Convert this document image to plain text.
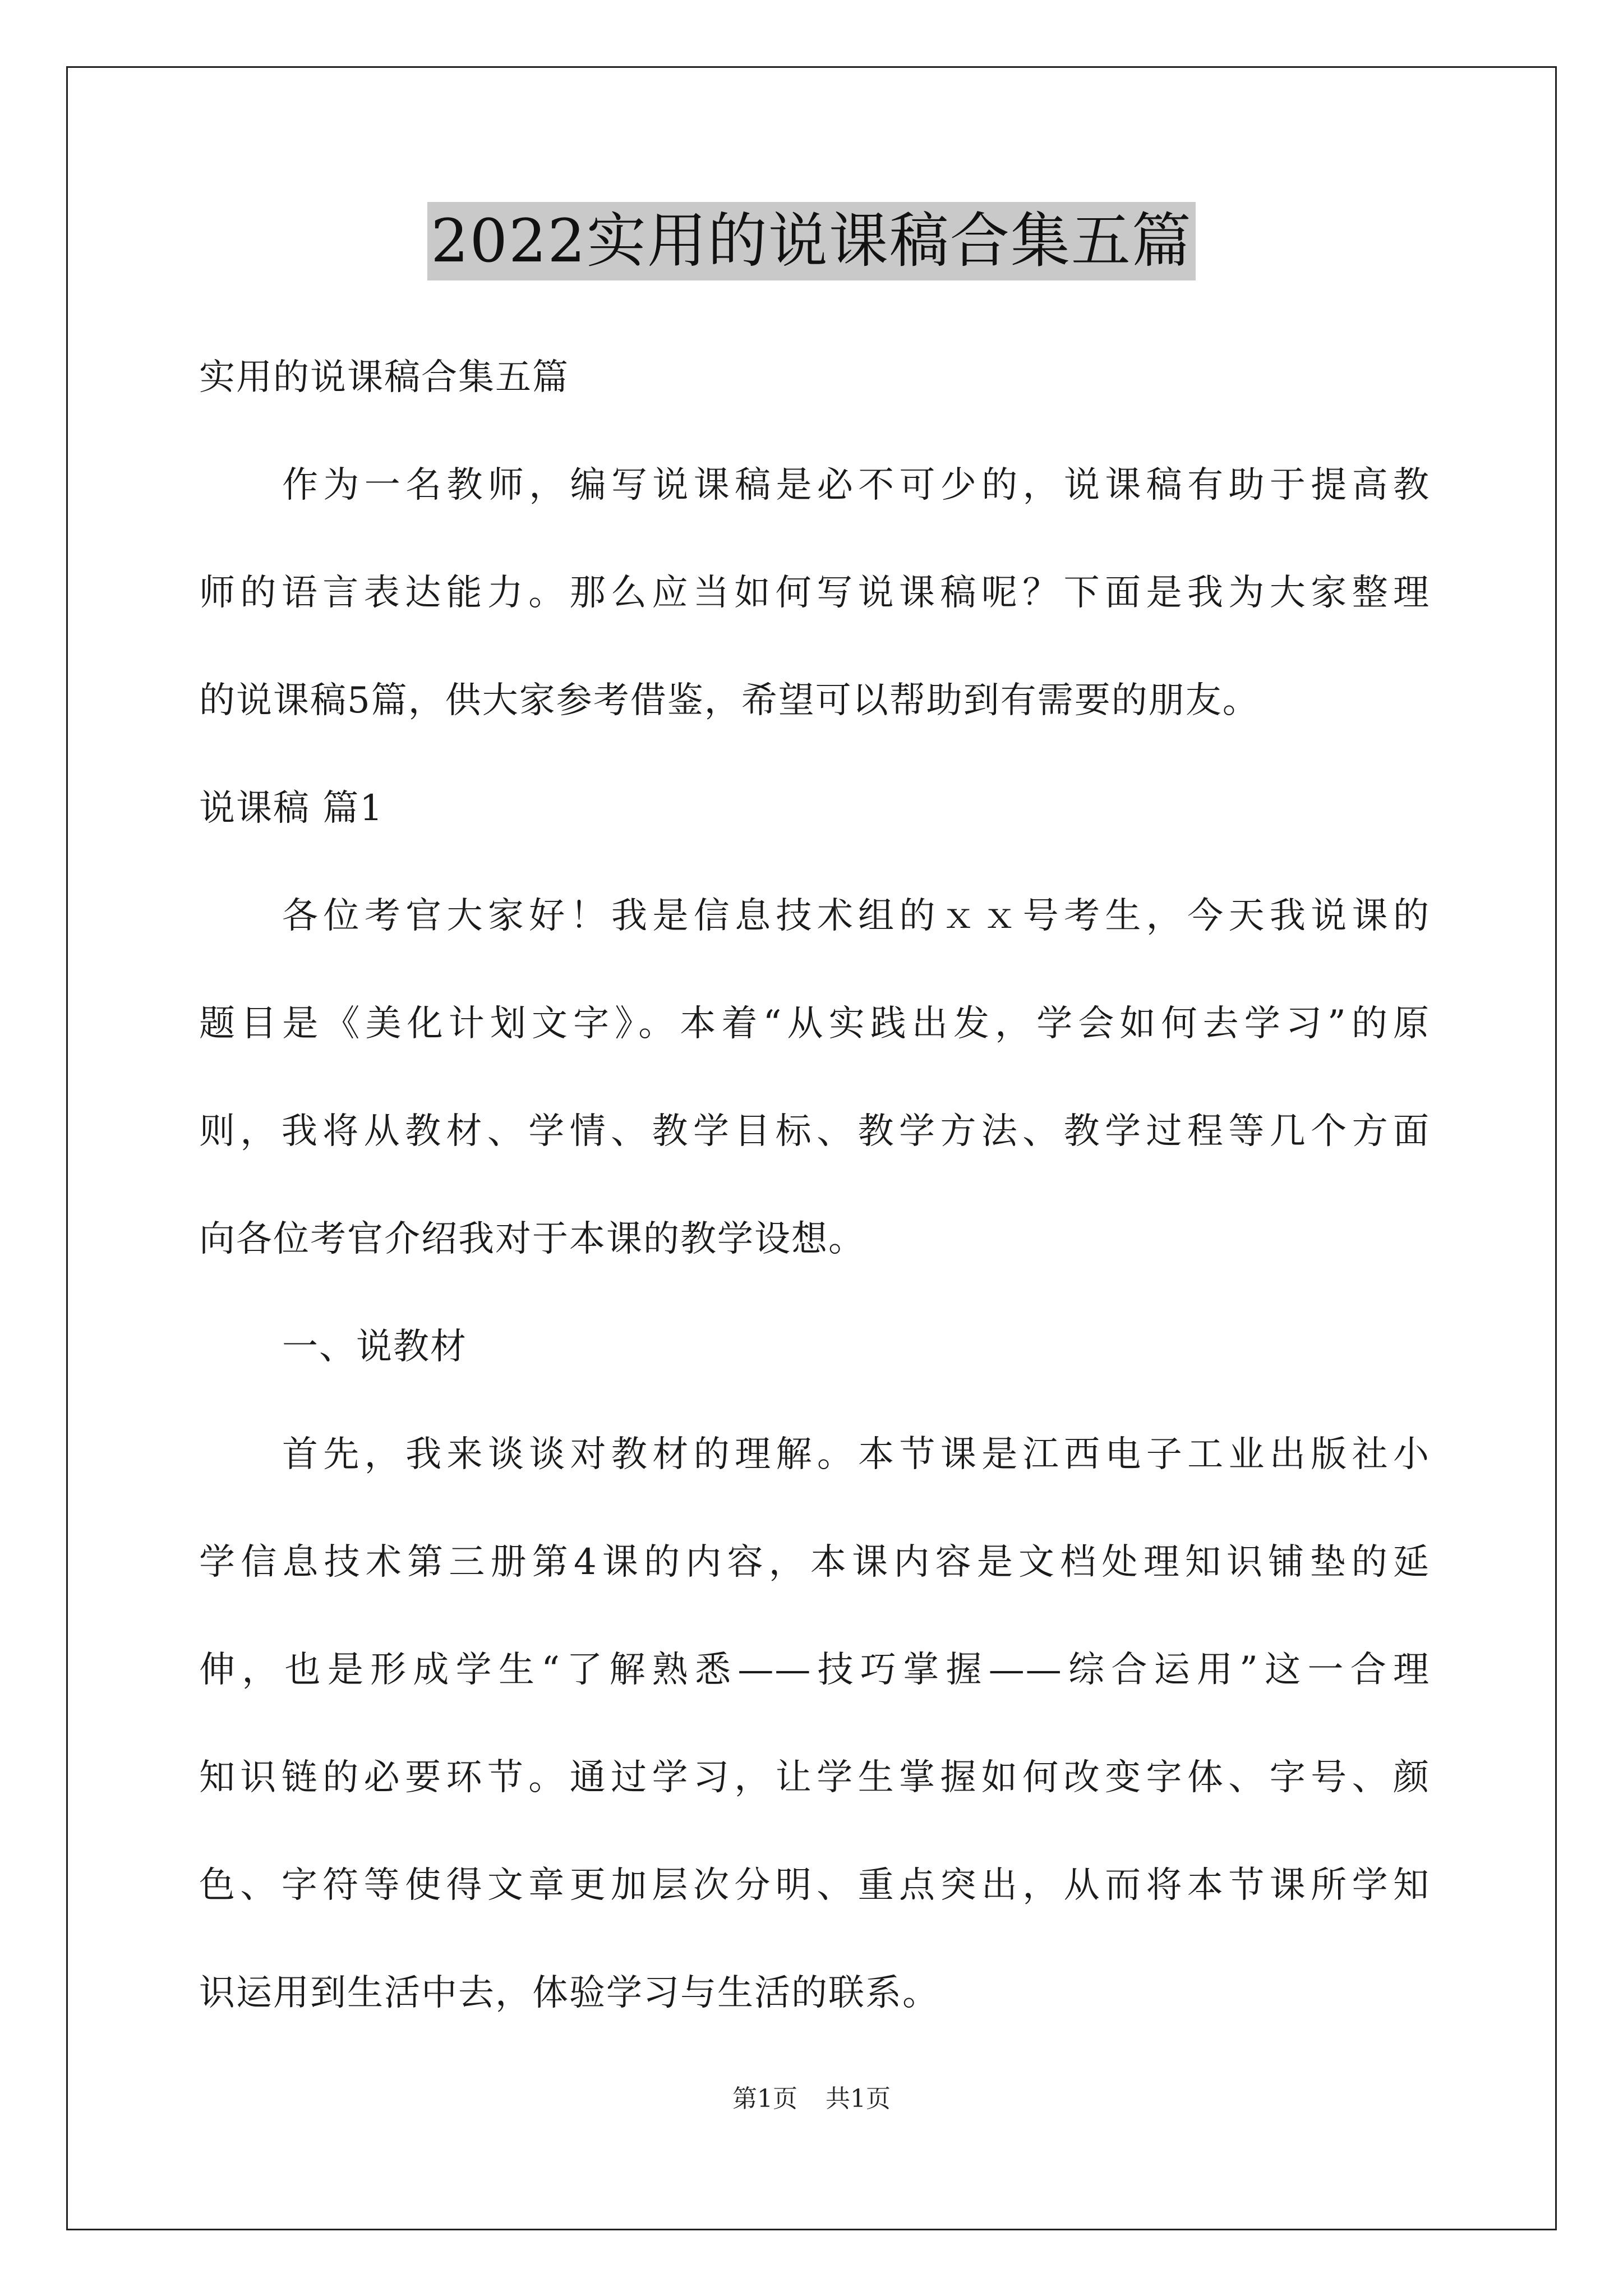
2022实用的说课稿合集五篇
实用的说课稿合集五篇
作为一名教师，编写说课稿是必不可少的，说课稿有助于提高教
师的语言表达能力。那么应当如何写说课稿呢？下面是我为大家整理
的说课稿5篇，供大家参考借鉴，希望可以帮助到有需要的朋友。
说课稿 篇1
各位考官大家好！我是信息技术组的ｘｘ号考生，今天我说课的
题目是《美化计划文字》。本着“从实践出发，学会如何去学习”的原
则，我将从教材、学情、教学目标、教学方法、教学过程等几个方面
向各位考官介绍我对于本课的教学设想。
一、说教材
首先，我来谈谈对教材的理解。本节课是江西电子工业出版社小
学信息技术第三册第4课的内容，本课内容是文档处理知识铺垫的延
伸，也是形成学生“了解熟悉——技巧掌握——综合运用”这一合理
知识链的必要环节。通过学习，让学生掌握如何改变字体、字号、颜
色、字符等使得文章更加层次分明、重点突出，从而将本节课所学知
识运用到生活中去，体验学习与生活的联系。
第1页 共1页
